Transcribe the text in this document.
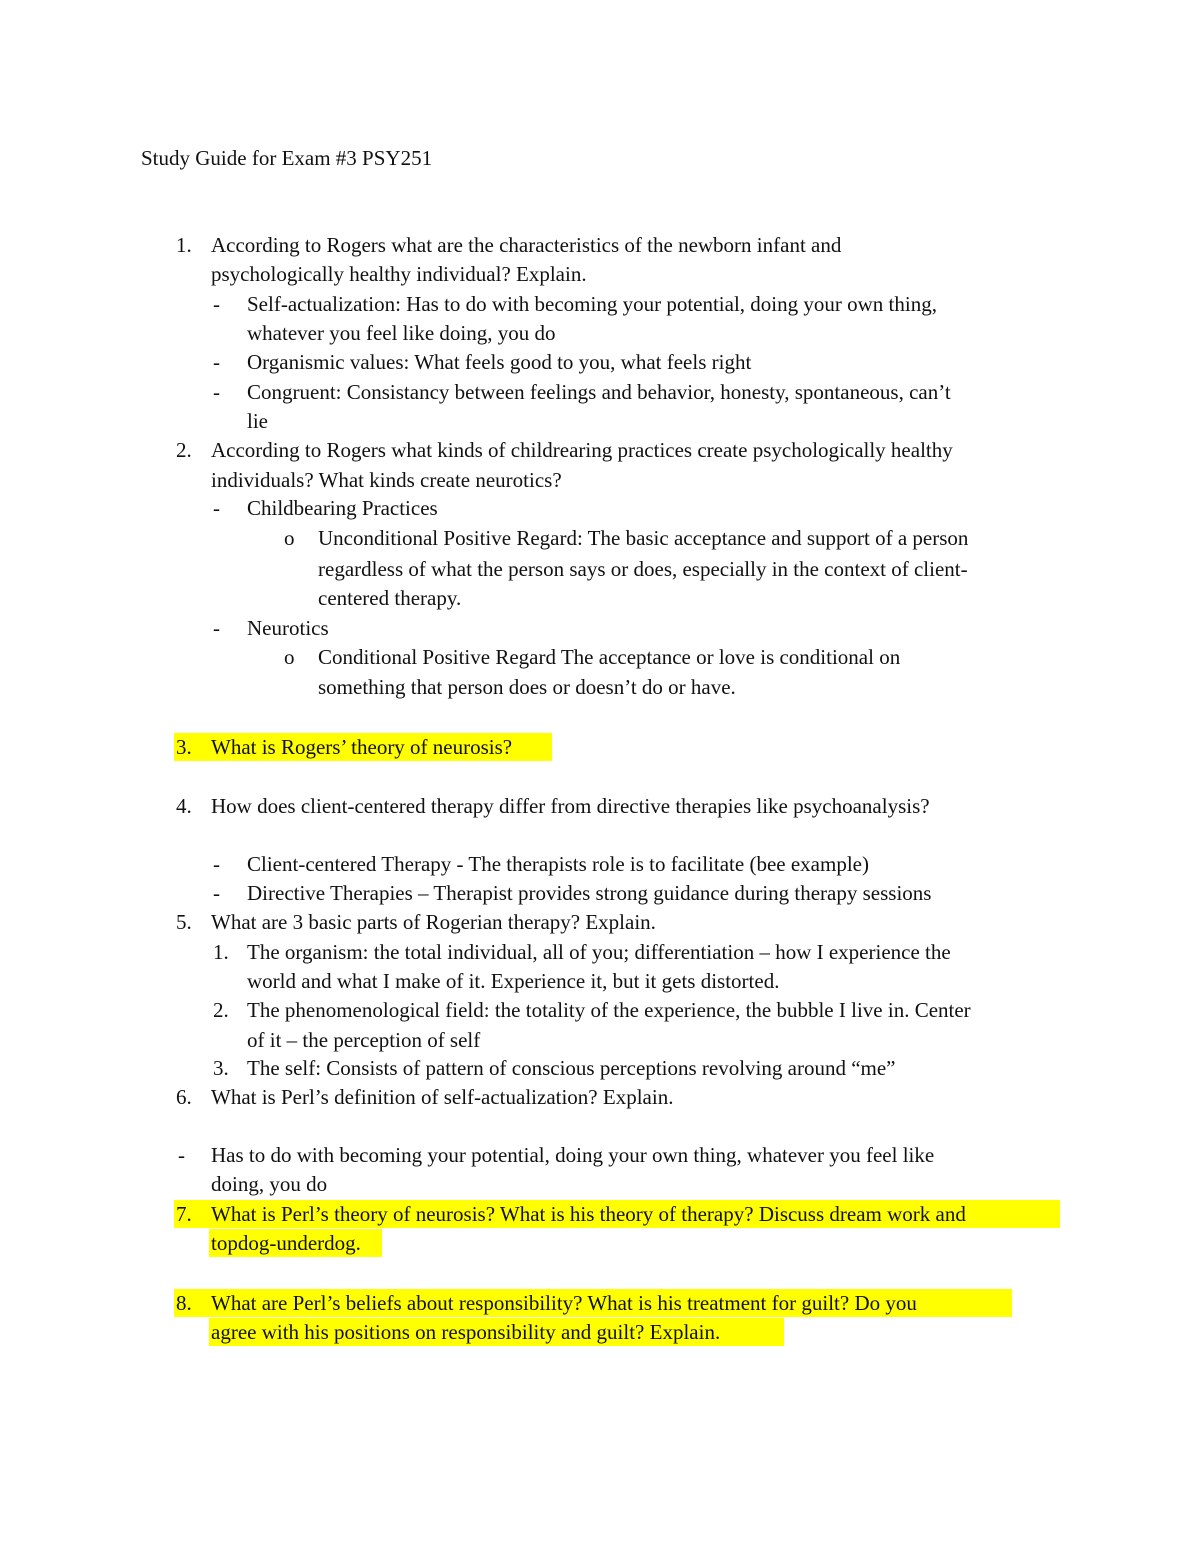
Study Guide for Exam #3 PSY251
1. According to Rogers what are the characteristics of the newborn infant and
psychologically healthy individual? Explain.
- Self-actualization: Has to do with becoming your potential, doing your own thing,
whatever you feel like doing, you do
- Organismic values: What feels good to you, what feels right
- Congruent: Consistancy between feelings and behavior, honesty, spontaneous, can’t
lie
2. According to Rogers what kinds of childrearing practices create psychologically healthy
individuals? What kinds create neurotics?
- Childbearing Practices
o Unconditional Positive Regard: The basic acceptance and support of a person
regardless of what the person says or does, especially in the context of client-
centered therapy.
- Neurotics
o Conditional Positive Regard The acceptance or love is conditional on
something that person does or doesn’t do or have.
3. What is Rogers’ theory of neurosis?
4. How does client-centered therapy differ from directive therapies like psychoanalysis?
- Client-centered Therapy - The therapists role is to facilitate (bee example)
- Directive Therapies – Therapist provides strong guidance during therapy sessions
5. What are 3 basic parts of Rogerian therapy? Explain.
1. The organism: the total individual, all of you; differentiation – how I experience the
world and what I make of it. Experience it, but it gets distorted.
2. The phenomenological field: the totality of the experience, the bubble I live in. Center
of it – the perception of self
3. The self: Consists of pattern of conscious perceptions revolving around “me”
6. What is Perl’s definition of self-actualization? Explain.
- Has to do with becoming your potential, doing your own thing, whatever you feel like
doing, you do
7. What is Perl’s theory of neurosis? What is his theory of therapy? Discuss dream work and
topdog-underdog.
8. What are Perl’s beliefs about responsibility? What is his treatment for guilt? Do you
agree with his positions on responsibility and guilt? Explain.
